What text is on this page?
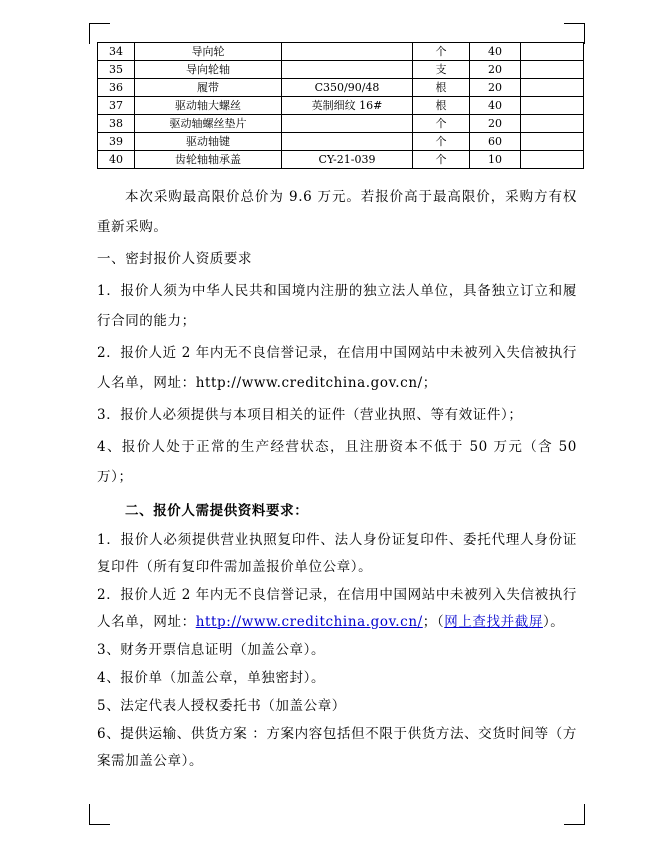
34	导向轮		个	40	
35	导向轮轴		支	20	
36	履带	C350/90/48	根	20	
37	驱动轴大螺丝	英制细纹 16#	根	40	
38	驱动轴螺丝垫片		个	20	
39	驱动轴键		个	60	
40	齿轮轴轴承盖	CY-21-039	个	10	

本次采购最高限价总价为 9.6 万元。若报价高于最高限价，采购方有权重新采购。

一、密封报价人资质要求

1．报价人须为中华人民共和国境内注册的独立法人单位，具备独立订立和履行合同的能力；

2．报价人近 2 年内无不良信誉记录，在信用中国网站中未被列入失信被执行人名单，网址：http://www.creditchina.gov.cn/；

3．报价人必须提供与本项目相关的证件（营业执照、等有效证件）；

4、报价人处于正常的生产经营状态，且注册资本不低于 50 万元（含 50 万）；

二、报价人需提供资料要求：

1．报价人必须提供营业执照复印件、法人身份证复印件、委托代理人身份证复印件（所有复印件需加盖报价单位公章）。

2．报价人近 2 年内无不良信誉记录，在信用中国网站中未被列入失信被执行人名单，网址：http://www.creditchina.gov.cn/；（网上查找并截屏）。

3、财务开票信息证明（加盖公章）。

4、报价单（加盖公章，单独密封）。

5、法定代表人授权委托书（加盖公章）

6、提供运输、供货方案 ：方案内容包括但不限于供货方法、交货时间等（方案需加盖公章）。
